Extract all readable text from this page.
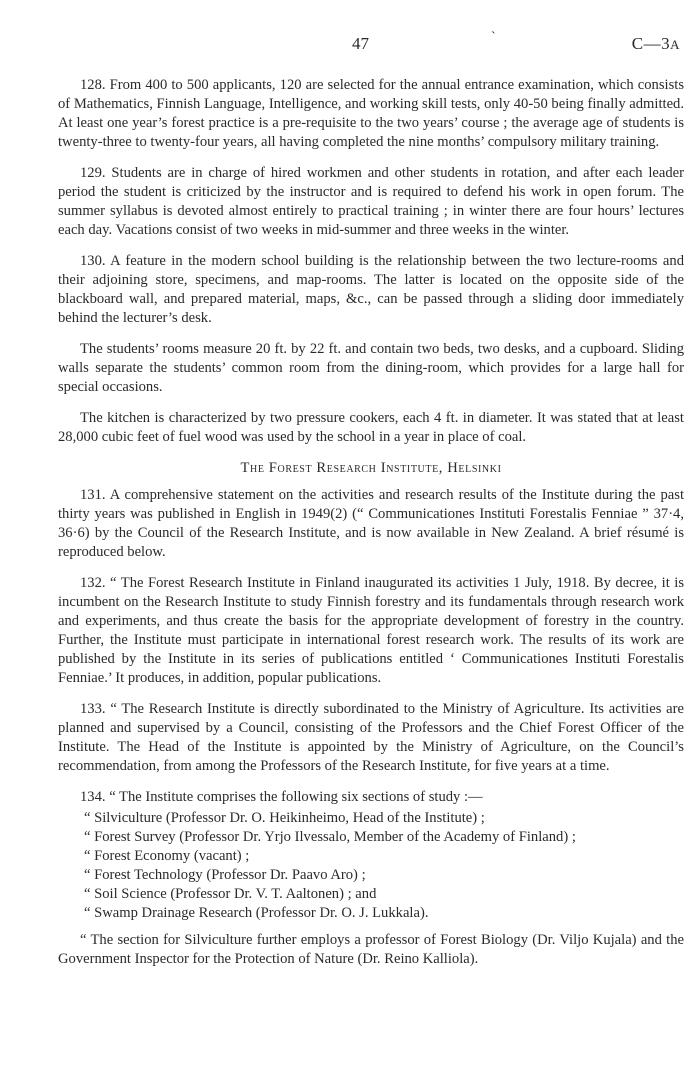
47	`	C—3A

128. From 400 to 500 applicants, 120 are selected for the annual entrance examination, which consists of Mathematics, Finnish Language, Intelligence, and working skill tests, only 40-50 being finally admitted. At least one year’s forest practice is a pre-requisite to the two years’ course ; the average age of students is twenty-three to twenty-four years, all having completed the nine months’ compulsory military training.

129. Students are in charge of hired workmen and other students in rotation, and after each leader period the student is criticized by the instructor and is required to defend his work in open forum. The summer syllabus is devoted almost entirely to practical training ; in winter there are four hours’ lectures each day. Vacations consist of two weeks in mid-summer and three weeks in the winter.

130. A feature in the modern school building is the relationship between the two lecture-rooms and their adjoining store, specimens, and map-rooms. The latter is located on the opposite side of the blackboard wall, and prepared material, maps, &c., can be passed through a sliding door immediately behind the lecturer’s desk.

The students’ rooms measure 20 ft. by 22 ft. and contain two beds, two desks, and a cupboard. Sliding walls separate the students’ common room from the dining-room, which provides for a large hall for special occasions.

The kitchen is characterized by two pressure cookers, each 4 ft. in diameter. It was stated that at least 28,000 cubic feet of fuel wood was used by the school in a year in place of coal.

The Forest Research Institute, Helsinki

131. A comprehensive statement on the activities and research results of the Institute during the past thirty years was published in English in 1949(2) (“ Communicationes Instituti Forestalis Fenniae ” 37·4, 36·6) by the Council of the Research Institute, and is now available in New Zealand. A brief résumé is reproduced below.

132. “ The Forest Research Institute in Finland inaugurated its activities 1 July, 1918. By decree, it is incumbent on the Research Institute to study Finnish forestry and its fundamentals through research work and experiments, and thus create the basis for the appropriate development of forestry in the country. Further, the Institute must participate in international forest research work. The results of its work are published by the Institute in its series of publications entitled ‘ Communicationes Instituti Forestalis Fenniae.’ It produces, in addition, popular publications.

133. “ The Research Institute is directly subordinated to the Ministry of Agriculture. Its activities are planned and supervised by a Council, consisting of the Professors and the Chief Forest Officer of the Institute. The Head of the Institute is appointed by the Ministry of Agriculture, on the Council’s recommendation, from among the Professors of the Research Institute, for five years at a time.

134. “ The Institute comprises the following six sections of study :—

“ Silviculture (Professor Dr. O. Heikinheimo, Head of the Institute) ;
“ Forest Survey (Professor Dr. Yrjo Ilvessalo, Member of the Academy of Finland) ;
“ Forest Economy (vacant) ;
“ Forest Technology (Professor Dr. Paavo Aro) ;
“ Soil Science (Professor Dr. V. T. Aaltonen) ; and
“ Swamp Drainage Research (Professor Dr. O. J. Lukkala).

“ The section for Silviculture further employs a professor of Forest Biology (Dr. Viljo Kujala) and the Government Inspector for the Protection of Nature (Dr. Reino Kalliola).
